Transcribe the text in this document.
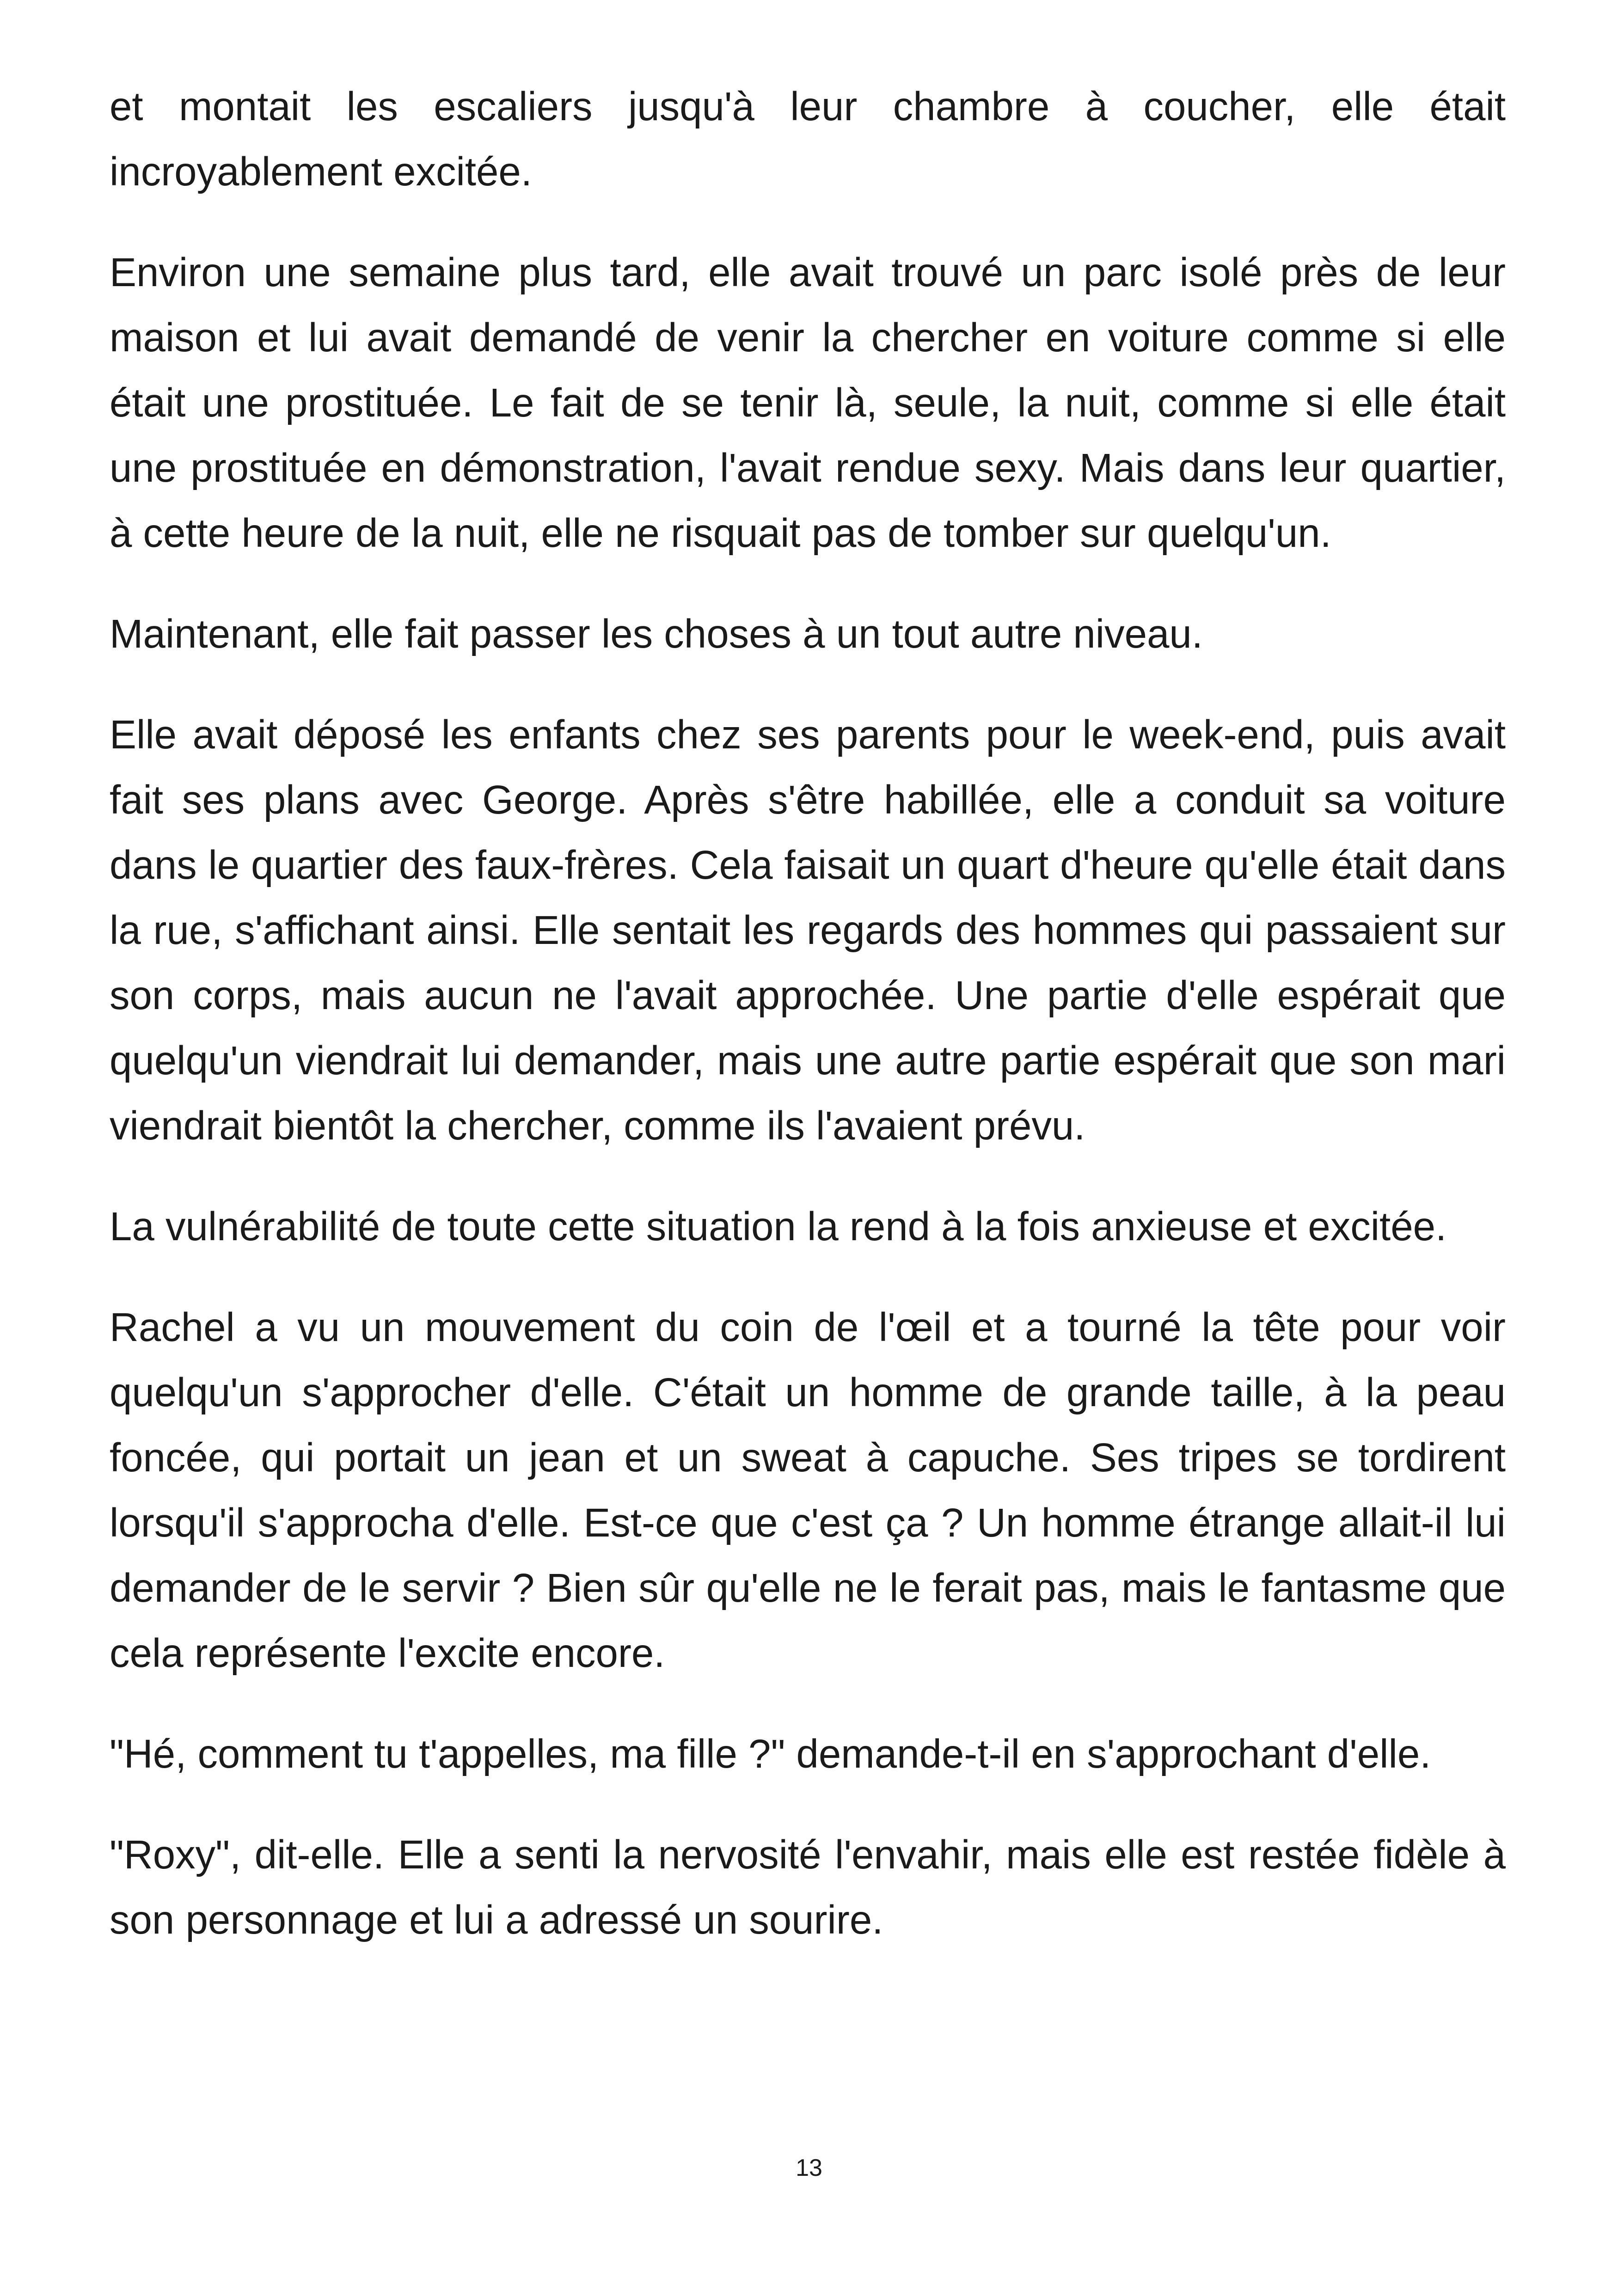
et montait les escaliers jusqu'à leur chambre à coucher, elle était incroyablement excitée.

Environ une semaine plus tard, elle avait trouvé un parc isolé près de leur maison et lui avait demandé de venir la chercher en voiture comme si elle était une prostituée. Le fait de se tenir là, seule, la nuit, comme si elle était une prostituée en démonstration, l'avait rendue sexy. Mais dans leur quartier, à cette heure de la nuit, elle ne risquait pas de tomber sur quelqu'un.

Maintenant, elle fait passer les choses à un tout autre niveau.

Elle avait déposé les enfants chez ses parents pour le week-end, puis avait fait ses plans avec George. Après s'être habillée, elle a conduit sa voiture dans le quartier des faux-frères. Cela faisait un quart d'heure qu'elle était dans la rue, s'affichant ainsi. Elle sentait les regards des hommes qui passaient sur son corps, mais aucun ne l'avait approchée. Une partie d'elle espérait que quelqu'un viendrait lui demander, mais une autre partie espérait que son mari viendrait bientôt la chercher, comme ils l'avaient prévu.

La vulnérabilité de toute cette situation la rend à la fois anxieuse et excitée.

Rachel a vu un mouvement du coin de l'œil et a tourné la tête pour voir quelqu'un s'approcher d'elle. C'était un homme de grande taille, à la peau foncée, qui portait un jean et un sweat à capuche. Ses tripes se tordirent lorsqu'il s'approcha d'elle. Est-ce que c'est ça ? Un homme étrange allait-il lui demander de le servir ? Bien sûr qu'elle ne le ferait pas, mais le fantasme que cela représente l'excite encore.

"Hé, comment tu t'appelles, ma fille ?" demande-t-il en s'approchant d'elle.

"Roxy", dit-elle. Elle a senti la nervosité l'envahir, mais elle est restée fidèle à son personnage et lui a adressé un sourire.

13
